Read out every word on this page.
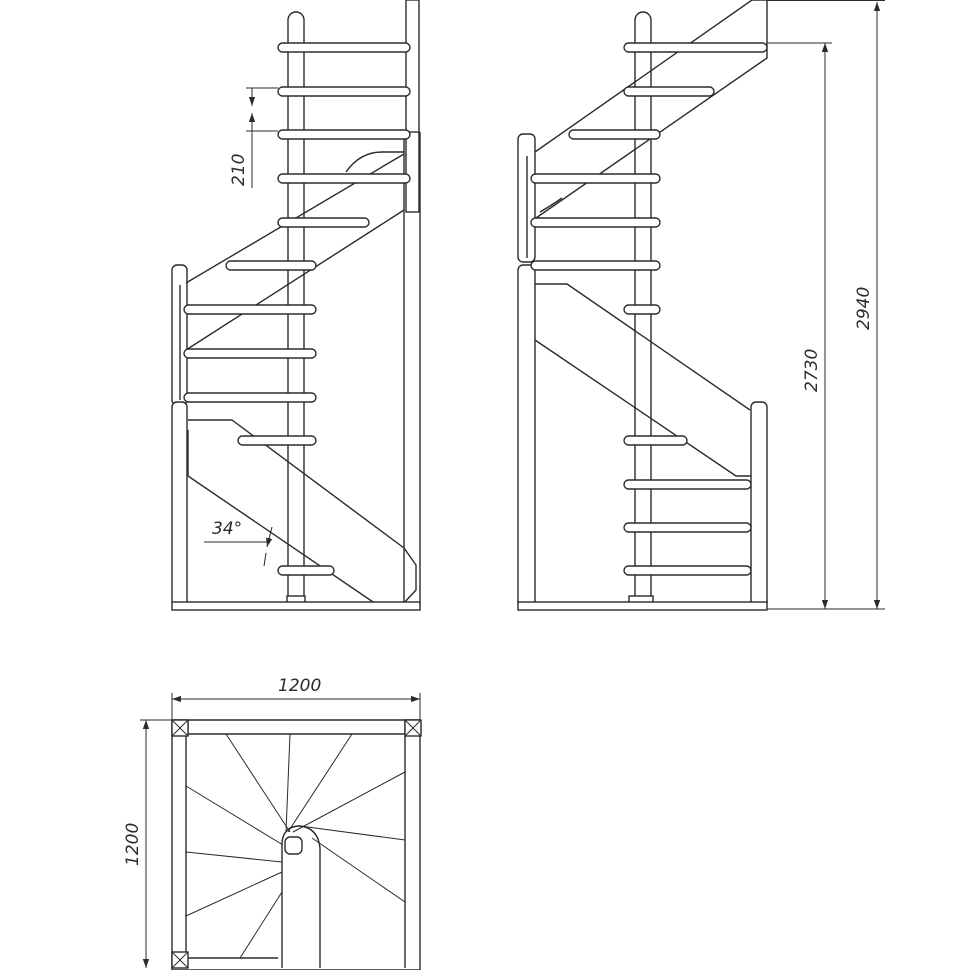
210
34°
2730
2940
1200
1200
